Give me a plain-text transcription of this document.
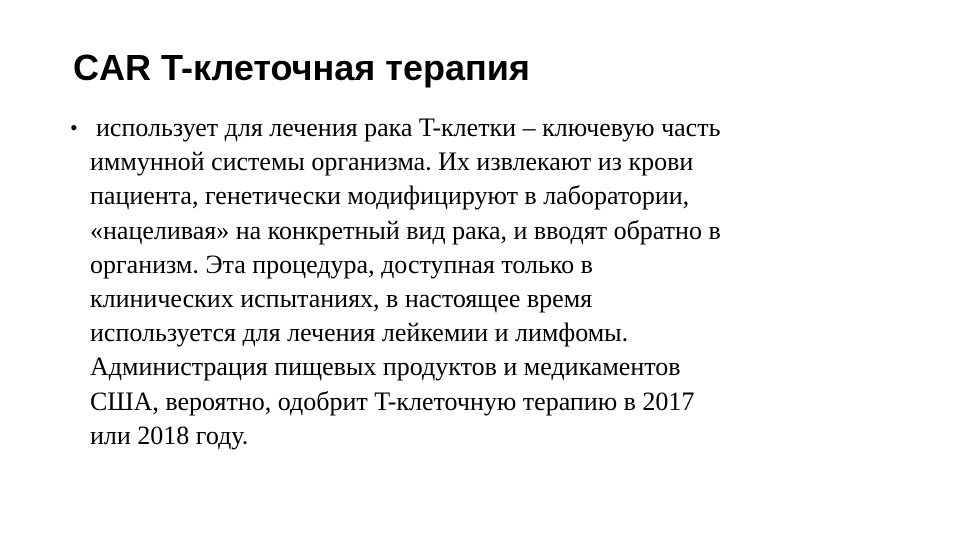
CAR T-клеточная терапия
• использует для лечения рака T-клетки – ключевую часть
иммунной системы организма. Их извлекают из крови
пациента, генетически модифицируют в лаборатории,
«нацеливая» на конкретный вид рака, и вводят обратно в
организм. Эта процедура, доступная только в
клинических испытаниях, в настоящее время
используется для лечения лейкемии и лимфомы.
Администрация пищевых продуктов и медикаментов
США, вероятно, одобрит T-клеточную терапию в 2017
или 2018 году.
